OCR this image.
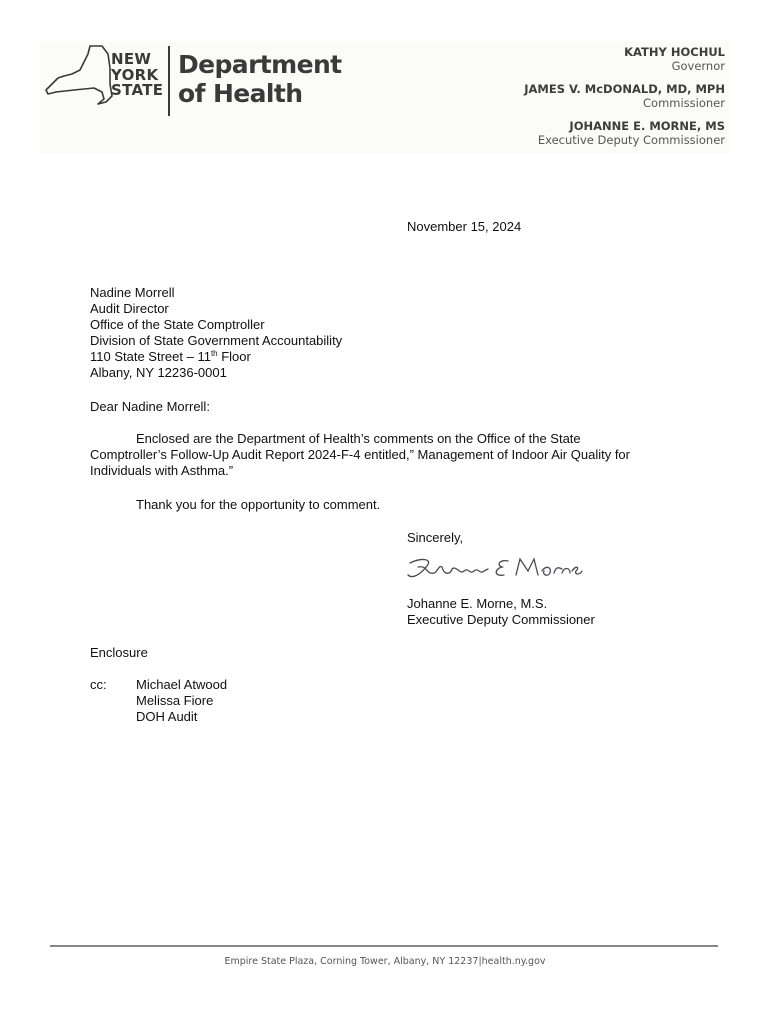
NEW
YORK
STATE
Department
of Health
KATHY HOCHUL
Governor
JAMES V. McDONALD, MD, MPH
Commissioner
JOHANNE E. MORNE, MS
Executive Deputy Commissioner
November 15, 2024
Nadine Morrell
Audit Director
Office of the State Comptroller
Division of State Government Accountability
110 State Street – 11th Floor
Albany, NY 12236-0001
Dear Nadine Morrell:
Enclosed are the Department of Health’s comments on the Office of the State
Comptroller’s Follow-Up Audit Report 2024-F-4 entitled,” Management of Indoor Air Quality for
Individuals with Asthma.”
Thank you for the opportunity to comment.
Sincerely,
Johanne E. Morne, M.S.
Executive Deputy Commissioner
Enclosure
cc: Michael Atwood
Melissa Fiore
DOH Audit
Empire State Plaza, Corning Tower, Albany, NY 12237|health.ny.gov
